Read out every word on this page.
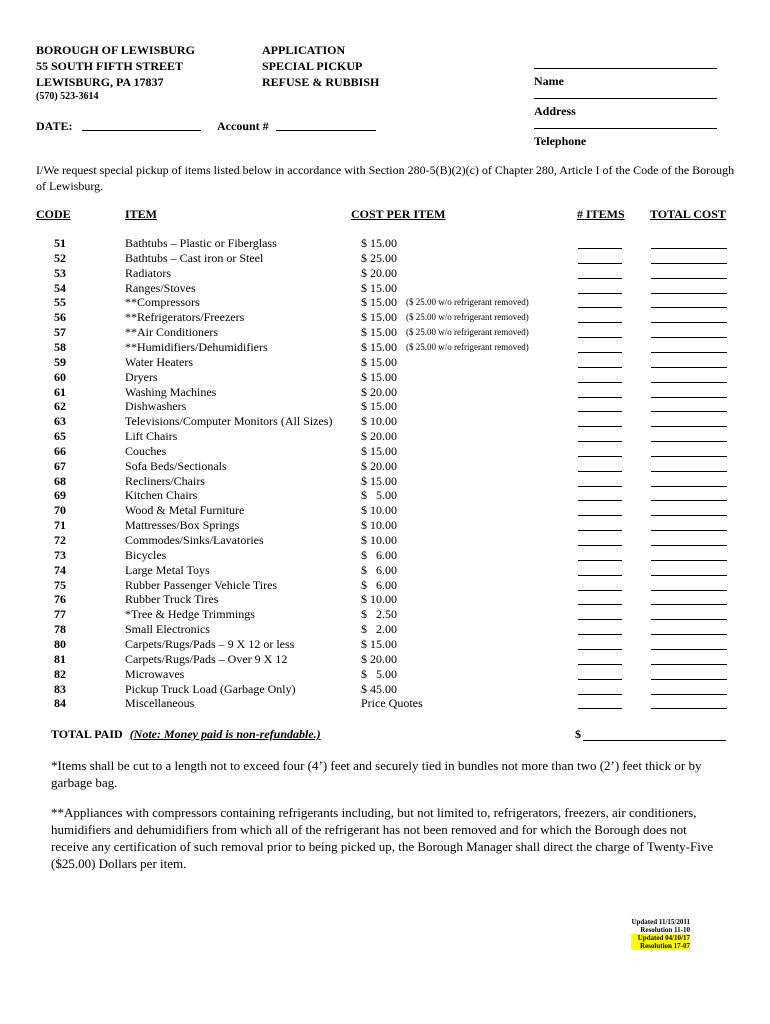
BOROUGH OF LEWISBURG
55 SOUTH FIFTH STREET
LEWISBURG, PA 17837
(570) 523-3614
APPLICATION
SPECIAL PICKUP
REFUSE & RUBBISH	Name
Address
Telephone
DATE:	Account #
I/We request special pickup of items listed below in accordance with Section 280-5(B)(2)(c) of Chapter 280, Article I of the Code of the Borough of Lewisburg.
CODE	ITEM	COST PER ITEM	# ITEMS TOTAL COST
51	Bathtubs – Plastic or Fiberglass	$ 15.00
52	Bathtubs – Cast iron or Steel	$ 25.00
53	Radiators	$ 20.00
54	Ranges/Stoves	$ 15.00
55	**Compressors	$ 15.00 ($ 25.00 w/o refrigerant removed)
56	**Refrigerators/Freezers	$ 15.00 ($ 25.00 w/o refrigerant removed)
57	**Air Conditioners	$ 15.00 ($ 25.00 w/o refrigerant removed)
58	**Humidifiers/Dehumidifiers	$ 15.00 ($ 25.00 w/o refrigerant removed)
59	Water Heaters	$ 15.00
60	Dryers	$ 15.00
61	Washing Machines	$ 20.00
62	Dishwashers	$ 15.00
63	Televisions/Computer Monitors (All Sizes) $ 10.00
65	Lift Chairs	$ 20.00
66	Couches	$ 15.00
67	Sofa Beds/Sectionals	$ 20.00
68	Recliners/Chairs	$ 15.00
69	Kitchen Chairs	$   5.00
70	Wood & Metal Furniture	$ 10.00
71	Mattresses/Box Springs	$ 10.00
72	Commodes/Sinks/Lavatories	$ 10.00
73	Bicycles	$   6.00
74	Large Metal Toys	$   6.00
75	Rubber Passenger Vehicle Tires	$   6.00
76	Rubber Truck Tires	$ 10.00
77	*Tree & Hedge Trimmings	$   2.50
78	Small Electronics	$   2.00
80	Carpets/Rugs/Pads – 9 X 12 or less	$ 15.00
81	Carpets/Rugs/Pads – Over 9 X 12	$ 20.00
82	Microwaves	$   5.00
83	Pickup Truck Load (Garbage Only)	$ 45.00
84	Miscellaneous	Price Quotes
TOTAL PAID (Note: Money paid is non-refundable.)	$
*Items shall be cut to a length not to exceed four (4’) feet and securely tied in bundles not more than two (2’) feet thick or by garbage bag.
**Appliances with compressors containing refrigerants including, but not limited to, refrigerators, freezers, air conditioners, humidifiers and dehumidifiers from which all of the refrigerant has not been removed and for which the Borough does not receive any certification of such removal prior to being picked up, the Borough Manager shall direct the charge of Twenty-Five ($25.00) Dollars per item.
Updated 11/15/2011
Resolution 11-10
Updated 04/10/17
Resolution 17-07
